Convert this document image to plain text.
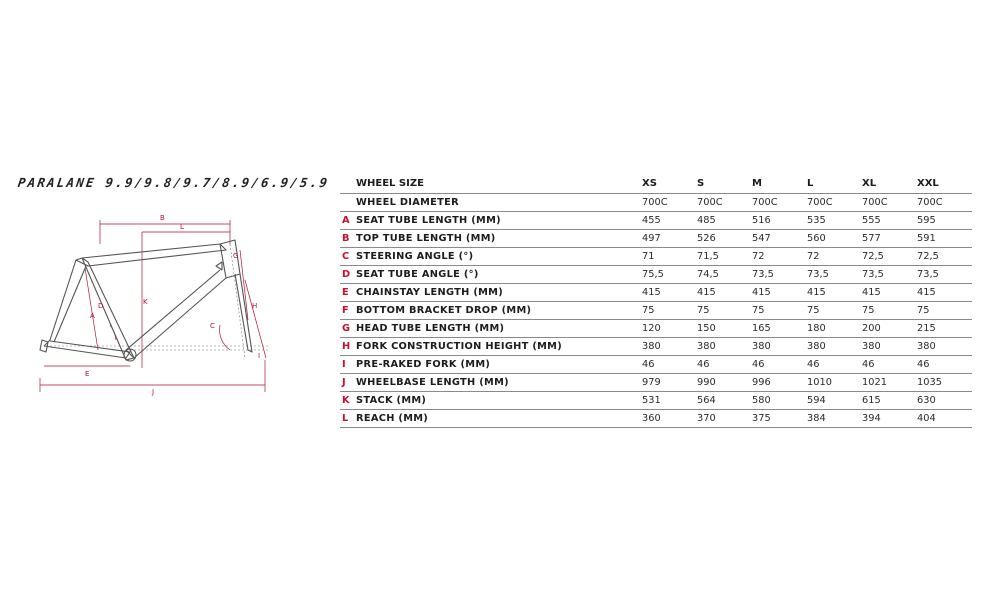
PARALANE 9.9/9.8/9.7/8.9/6.9/5.9
B
L
A
D	K
E
J
G
H
C
I
	WHEEL SIZE	XS	S	M	L	XL	XXL
	WHEEL DIAMETER	700C	700C	700C	700C	700C	700C
A	SEAT TUBE LENGTH (MM)	455	485	516	535	555	595
B	TOP TUBE LENGTH (MM)	497	526	547	560	577	591
C	STEERING ANGLE (°)	71	71,5	72	72	72,5	72,5
D	SEAT TUBE ANGLE (°)	75,5	74,5	73,5	73,5	73,5	73,5
E	CHAINSTAY LENGTH (MM)	415	415	415	415	415	415
F	BOTTOM BRACKET DROP (MM)	75	75	75	75	75	75
G	HEAD TUBE LENGTH (MM)	120	150	165	180	200	215
H	FORK CONSTRUCTION HEIGHT (MM)	380	380	380	380	380	380
I	PRE-RAKED FORK (MM)	46	46	46	46	46	46
J	WHEELBASE LENGTH (MM)	979	990	996	1010	1021	1035
K	STACK (MM)	531	564	580	594	615	630
L	REACH (MM)	360	370	375	384	394	404
